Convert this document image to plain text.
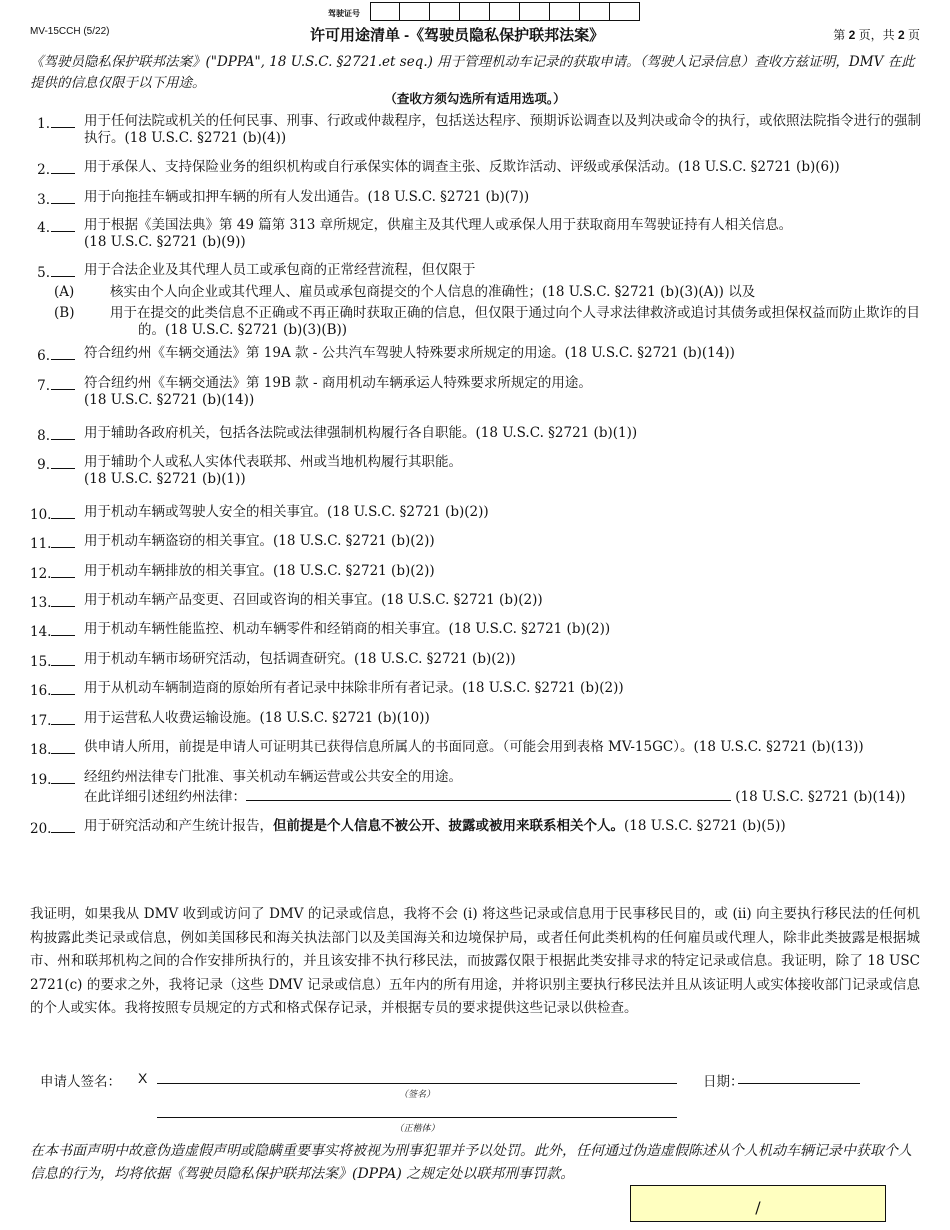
MV-15CCH (5/22)
驾驶证号
许可用途清单 -《驾驶员隐私保护联邦法案》	第 2 页，共 2 页
《驾驶员隐私保护联邦法案》("DPPA", 18 U.S.C. §2721.et seq.) 用于管理机动车记录的获取申请。（驾驶人记录信息）查收方兹证明，DMV 在此提供的信息仅限于以下用途。
（查收方须勾选所有适用选项。）
1.	用于任何法院或机关的任何民事、刑事、行政或仲裁程序，包括送达程序、预期诉讼调查以及判决或命令的执行，或依照法院指令进行的强制执行。(18 U.S.C. §2721 (b)(4))
2.	用于承保人、支持保险业务的组织机构或自行承保实体的调查主张、反欺诈活动、评级或承保活动。(18 U.S.C. §2721 (b)(6))
3.	用于向拖挂车辆或扣押车辆的所有人发出通告。(18 U.S.C. §2721 (b)(7))
4.	用于根据《美国法典》第 49 篇第 313 章所规定，供雇主及其代理人或承保人用于获取商用车驾驶证持有人相关信息。
(18 U.S.C. §2721 (b)(9))
5.	用于合法企业及其代理人员工或承包商的正常经营流程，但仅限于
(A)	核实由个人向企业或其代理人、雇员或承包商提交的个人信息的准确性；(18 U.S.C. §2721 (b)(3)(A)) 以及
(B)	用于在提交的此类信息不正确或不再正确时获取正确的信息，但仅限于通过向个人寻求法律救济或追讨其债务或担保权益而防止欺诈的目的。(18 U.S.C. §2721 (b)(3)(B))
6.	符合纽约州《车辆交通法》第 19A 款 - 公共汽车驾驶人特殊要求所规定的用途。(18 U.S.C. §2721 (b)(14))
7.	符合纽约州《车辆交通法》第 19B 款 - 商用机动车辆承运人特殊要求所规定的用途。
(18 U.S.C. §2721 (b)(14))
8.	用于辅助各政府机关，包括各法院或法律强制机构履行各自职能。(18 U.S.C. §2721 (b)(1))
9.	用于辅助个人或私人实体代表联邦、州或当地机构履行其职能。
(18 U.S.C. §2721 (b)(1))
10.	用于机动车辆或驾驶人安全的相关事宜。(18 U.S.C. §2721 (b)(2))
11.	用于机动车辆盗窃的相关事宜。(18 U.S.C. §2721 (b)(2))
12.	用于机动车辆排放的相关事宜。(18 U.S.C. §2721 (b)(2))
13.	用于机动车辆产品变更、召回或咨询的相关事宜。(18 U.S.C. §2721 (b)(2))
14.	用于机动车辆性能监控、机动车辆零件和经销商的相关事宜。(18 U.S.C. §2721 (b)(2))
15.	用于机动车辆市场研究活动，包括调查研究。(18 U.S.C. §2721 (b)(2))
16.	用于从机动车辆制造商的原始所有者记录中抹除非所有者记录。(18 U.S.C. §2721 (b)(2))
17.	用于运营私人收费运输设施。(18 U.S.C. §2721 (b)(10))
18.	供申请人所用，前提是申请人可证明其已获得信息所属人的书面同意。（可能会用到表格 MV-15GC）。(18 U.S.C. §2721 (b)(13))
19.	经纽约州法律专门批准、事关机动车辆运营或公共安全的用途。
在此详细引述纽约州法律：	(18 U.S.C. §2721 (b)(14))
20.	用于研究活动和产生统计报告，但前提是个人信息不被公开、披露或被用来联系相关个人。(18 U.S.C. §2721 (b)(5))
我证明，如果我从 DMV 收到或访问了 DMV 的记录或信息，我将不会 (i) 将这些记录或信息用于民事移民目的，或 (ii) 向主要执行移民法的任何机构披露此类记录或信息，例如美国移民和海关执法部门以及美国海关和边境保护局，或者任何此类机构的任何雇员或代理人，除非此类披露是根据城市、州和联邦机构之间的合作安排所执行的，并且该安排不执行移民法，而披露仅限于根据此类安排寻求的特定记录或信息。我证明，除了 18 USC 2721(c) 的要求之外，我将记录（这些 DMV 记录或信息）五年内的所有用途，并将识别主要执行移民法并且从该证明人或实体接收部门记录或信息的个人或实体。我将按照专员规定的方式和格式保存记录，并根据专员的要求提供这些记录以供检查。
申请人签名： X
（签名）
日期：
（正楷体）
在本书面声明中故意伪造虚假声明或隐瞒重要事实将被视为刑事犯罪并予以处罚。此外，任何通过伪造虚假陈述从个人机动车辆记录中获取个人信息的行为，均将依据《驾驶员隐私保护联邦法案》(DPPA) 之规定处以联邦刑事罚款。
/
